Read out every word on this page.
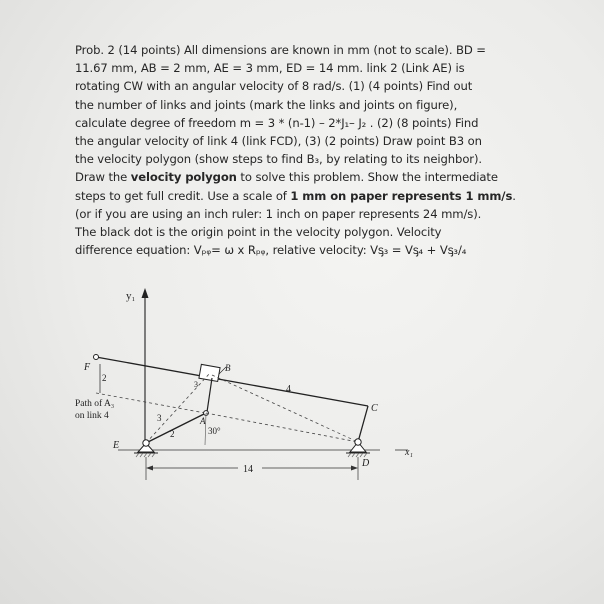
Prob. 2 (14 points) All dimensions are known in mm (not to scale). BD =
11.67 mm, AB = 2 mm, AE = 3 mm, ED = 14 mm. link 2 (Link AE) is
rotating CW with an angular velocity of 8 rad/s. (1) (4 points) Find out
the number of links and joints (mark the links and joints on figure),
calculate degree of freedom m = 3 * (n-1) – 2*J₁– J₂ . (2) (8 points) Find
the angular velocity of link 4 (link FCD), (3) (2 points) Draw point B3 on
the velocity polygon (show steps to find B₃, by relating to its neighbor).
Draw the velocity polygon to solve this problem. Show the intermediate
steps to get full credit. Use a scale of 1 mm on paper represents 1 mm/s.
(or if you are using an inch ruler: 1 inch on paper represents 24 mm/s).
The black dot is the origin point in the velocity polygon. Velocity
difference equation: Vₚᵩ= ω x Rₚᵩ, relative velocity: Vᶊ₃ = Vᶊ₄ + Vᶊ₃/₄
y₁
x₁
F
4
C
2
Path of A₃
on link 4
3
B
3
2
A
30°
E
14
D
